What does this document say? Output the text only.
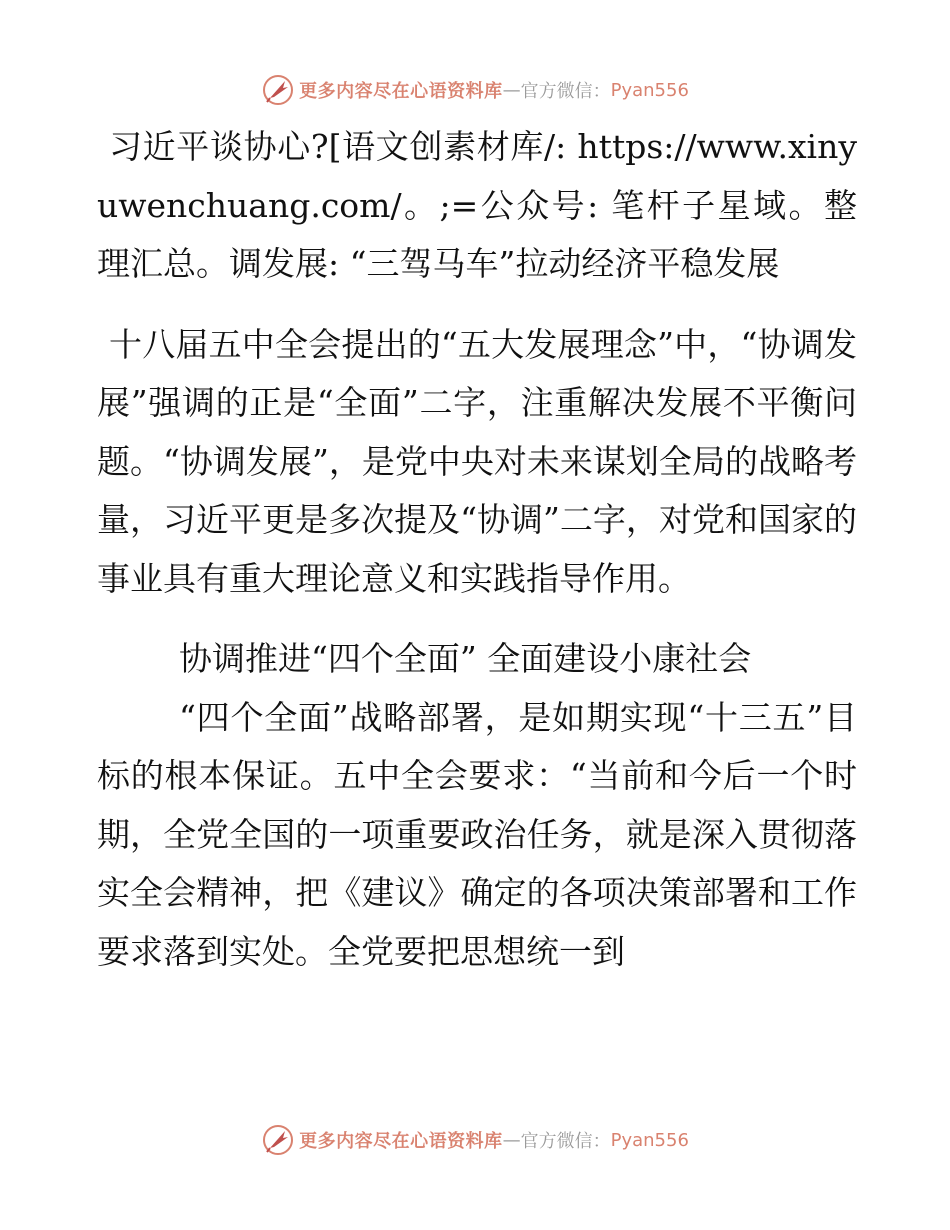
更多内容尽在心语资料库 — 官方微信： Pyan556

习近平谈协心?[语文创素材库/: https://www.xinyuwenchuang.com/。;=公众号: 笔杆子星域。整理汇总。调发展: “三驾马车”拉动经济平稳发展

十八届五中全会提出的“五大发展理念”中，“协调发展”强调的正是“全面”二字，注重解决发展不平衡问题。“协调发展”，是党中央对未来谋划全局的战略考量，习近平更是多次提及“协调”二字，对党和国家的事业具有重大理论意义和实践指导作用。

协调推进“四个全面” 全面建设小康社会

“四个全面”战略部署，是如期实现“十三五”目标的根本保证。五中全会要求：“当前和今后一个时期，全党全国的一项重要政治任务，就是深入贯彻落实全会精神，把《建议》确定的各项决策部署和工作要求落到实处。全党要把思想统一到

更多内容尽在心语资料库 — 官方微信： Pyan556
